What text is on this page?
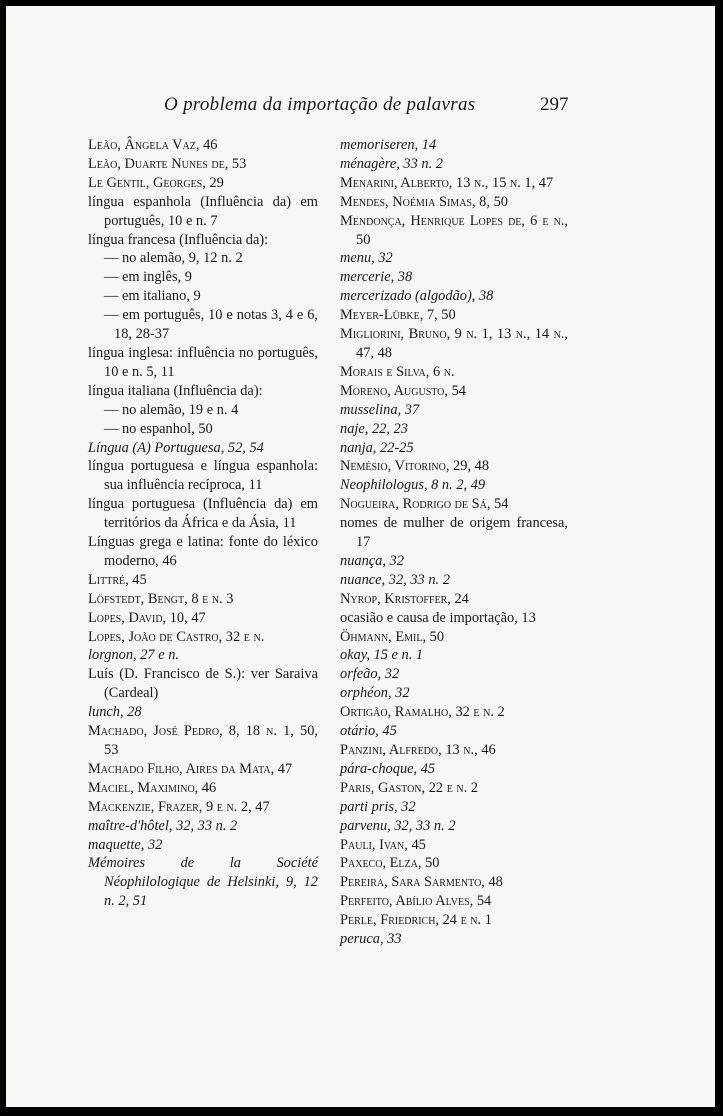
O problema da importação de palavras	297
Leão, Ângela Vaz, 46
Leão, Duarte Nunes de, 53
Le Gentil, Georges, 29
língua espanhola (Influência da) em português, 10 e n. 7
língua francesa (Influência da):
— no alemão, 9, 12 n. 2
— em inglês, 9
— em italiano, 9
— em português, 10 e notas 3, 4 e 6, 18, 28-37
língua inglesa: influência no português, 10 e n. 5, 11
língua italiana (Influência da):
— no alemão, 19 e n. 4
— no espanhol, 50
Língua (A) Portuguesa, 52, 54
língua portuguesa e língua espanhola: sua influência recíproca, 11
língua portuguesa (Influência da) em territórios da África e da Ásia, 11
Línguas grega e latina: fonte do léxico moderno, 46
Littré, 45
Löfstedt, Bengt, 8 e n. 3
Lopes, David, 10, 47
Lopes, João de Castro, 32 e n.
lorgnon, 27 e n.
Luís (D. Francisco de S.): ver Saraiva (Cardeal)
lunch, 28
Machado, José Pedro, 8, 18 n. 1, 50, 53
Machado Filho, Aires da Mata, 47
Maciel, Maximino, 46
Mackenzie, Frazer, 9 e n. 2, 47
maître-d'hôtel, 32, 33 n. 2
maquette, 32
Mémoires de la Société Néophilologique de Helsinki, 9, 12 n. 2, 51
memoriseren, 14
ménagère, 33 n. 2
Menarini, Alberto, 13 n., 15 n. 1, 47
Mendes, Noémia Simas, 8, 50
Mendonça, Henrique Lopes de, 6 e n., 50
menu, 32
mercerie, 38
mercerizado (algodão), 38
Meyer-Lübke, 7, 50
Migliorini, Bruno, 9 n. 1, 13 n., 14 n., 47, 48
Morais e Silva, 6 n.
Moreno, Augusto, 54
musselina, 37
naje, 22, 23
nanja, 22-25
Nemésio, Vitorino, 29, 48
Neophilologus, 8 n. 2, 49
Nogueira, Rodrigo de Sá, 54
nomes de mulher de origem francesa, 17
nuança, 32
nuance, 32, 33 n. 2
Nyrop, Kristoffer, 24
ocasião e causa de importação, 13
Öhmann, Emil, 50
okay, 15 e n. 1
orfeão, 32
orphéon, 32
Ortigão, Ramalho, 32 e n. 2
otário, 45
Panzini, Alfredo, 13 n., 46
pára-choque, 45
Paris, Gaston, 22 e n. 2
parti pris, 32
parvenu, 32, 33 n. 2
Pauli, Ivan, 45
Paxeco, Elza, 50
Pereira, Sara Sarmento, 48
Perfeito, Abílio Alves, 54
Perle, Friedrich, 24 e n. 1
peruca, 33
